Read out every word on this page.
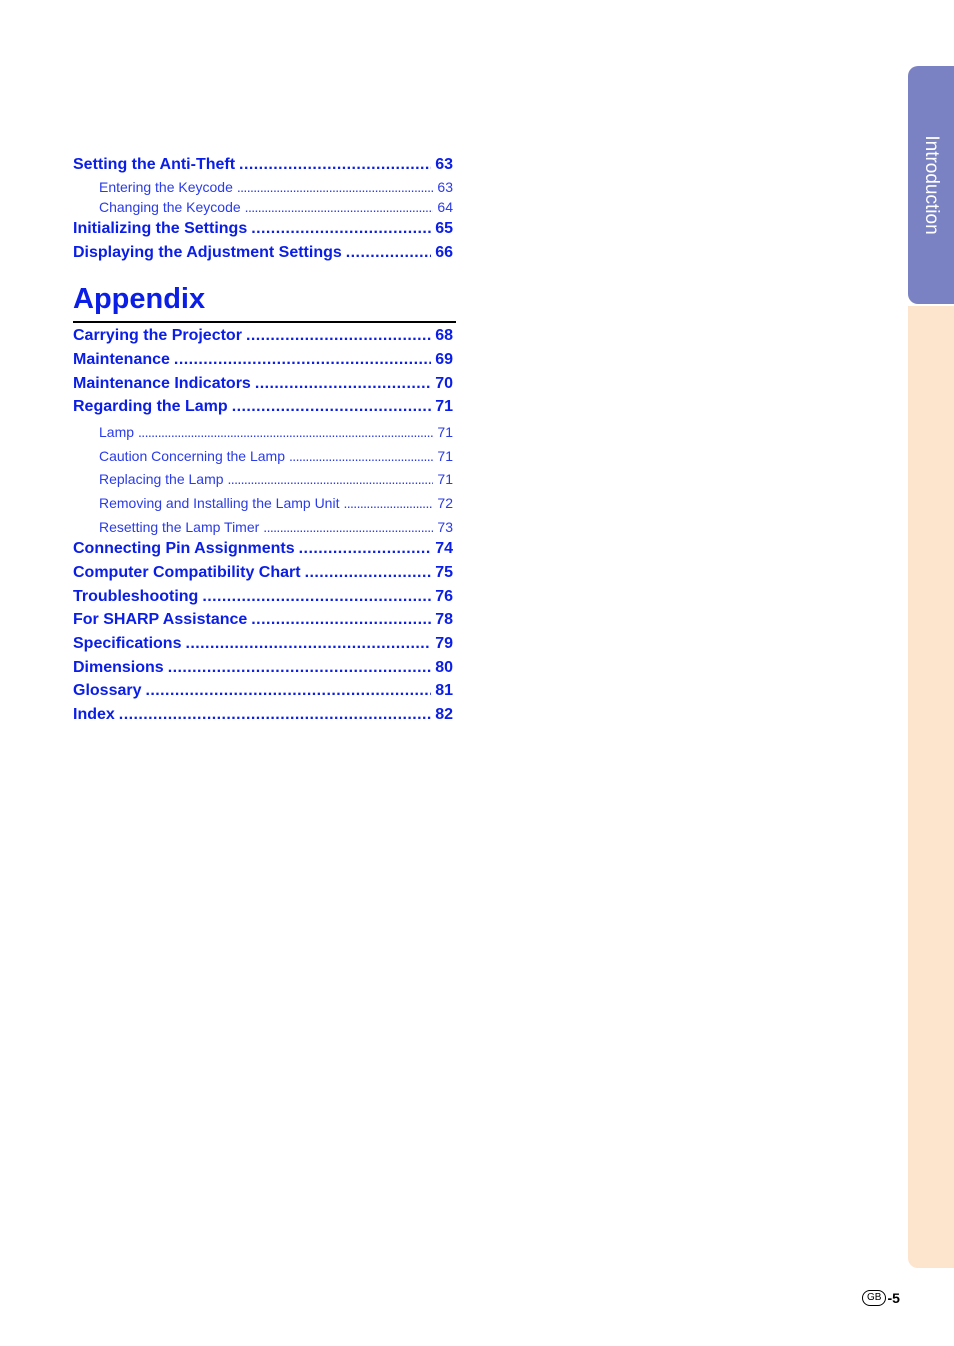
Setting the Anti-Theft . . .	63
Entering the Keycode . . .	63
Changing the Keycode . . .	64
Initializing the Settings . . .	65
Displaying the Adjustment Settings . . .	66
Appendix
Carrying the Projector . . .	68
Maintenance . . .	69
Maintenance Indicators . . .	70
Regarding the Lamp . . .	71
Lamp . . .	71
Caution Concerning the Lamp . . .	71
Replacing the Lamp . . .	71
Removing and Installing the Lamp Unit . . .	72
Resetting the Lamp Timer . . .	73
Connecting Pin Assignments . . .	74
Computer Compatibility Chart . . .	75
Troubleshooting . . .	76
For SHARP Assistance . . .	78
Specifications . . .	79
Dimensions . . .	80
Glossary . . .	81
Index . . .	82
Introduction
GB -5
